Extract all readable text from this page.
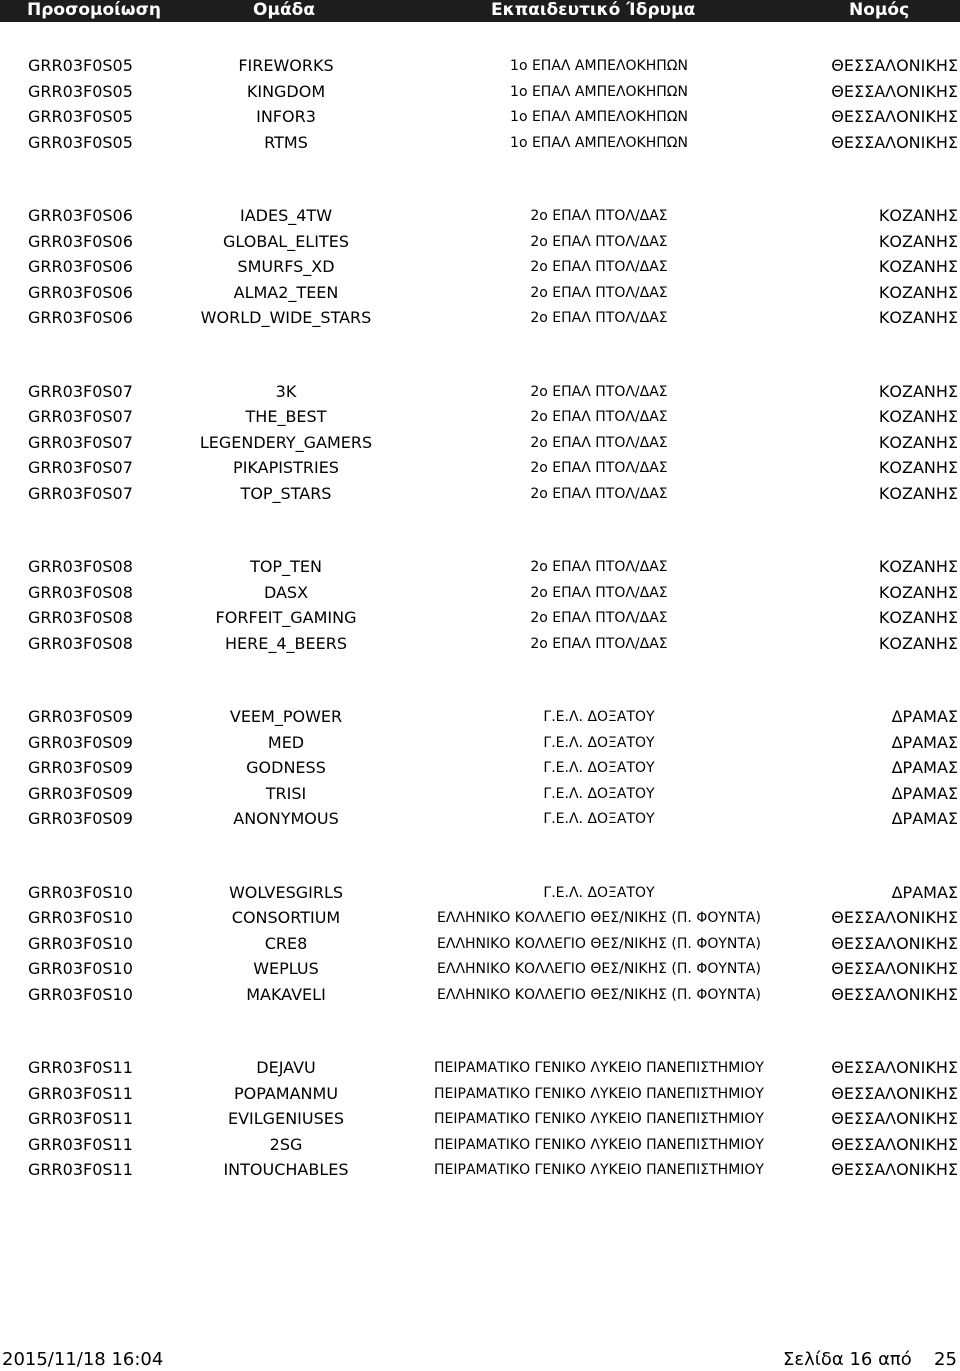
Προσομοίωση	Ομάδα	Εκπαιδευτικό Ίδρυμα	Νομός
GRR03F0S05	FIREWORKS	1ο ΕΠΑΛ ΑΜΠΕΛΟΚΗΠΩΝ	ΘΕΣΣΑΛΟΝΙΚΗΣ
GRR03F0S05	KINGDOM	1ο ΕΠΑΛ ΑΜΠΕΛΟΚΗΠΩΝ	ΘΕΣΣΑΛΟΝΙΚΗΣ
GRR03F0S05	INFOR3	1ο ΕΠΑΛ ΑΜΠΕΛΟΚΗΠΩΝ	ΘΕΣΣΑΛΟΝΙΚΗΣ
GRR03F0S05	RTMS	1ο ΕΠΑΛ ΑΜΠΕΛΟΚΗΠΩΝ	ΘΕΣΣΑΛΟΝΙΚΗΣ
GRR03F0S06	IADES_4TW	2ο ΕΠΑΛ ΠΤΟΛ/ΔΑΣ	ΚΟΖΑΝΗΣ
GRR03F0S06	GLOBAL_ELITES	2ο ΕΠΑΛ ΠΤΟΛ/ΔΑΣ	ΚΟΖΑΝΗΣ
GRR03F0S06	SMURFS_XD	2ο ΕΠΑΛ ΠΤΟΛ/ΔΑΣ	ΚΟΖΑΝΗΣ
GRR03F0S06	ALMA2_TEEN	2ο ΕΠΑΛ ΠΤΟΛ/ΔΑΣ	ΚΟΖΑΝΗΣ
GRR03F0S06	WORLD_WIDE_STARS	2ο ΕΠΑΛ ΠΤΟΛ/ΔΑΣ	ΚΟΖΑΝΗΣ
GRR03F0S07	3K	2ο ΕΠΑΛ ΠΤΟΛ/ΔΑΣ	ΚΟΖΑΝΗΣ
GRR03F0S07	THE_BEST	2ο ΕΠΑΛ ΠΤΟΛ/ΔΑΣ	ΚΟΖΑΝΗΣ
GRR03F0S07	LEGENDERY_GAMERS	2ο ΕΠΑΛ ΠΤΟΛ/ΔΑΣ	ΚΟΖΑΝΗΣ
GRR03F0S07	PIKAPISTRIES	2ο ΕΠΑΛ ΠΤΟΛ/ΔΑΣ	ΚΟΖΑΝΗΣ
GRR03F0S07	TOP_STARS	2ο ΕΠΑΛ ΠΤΟΛ/ΔΑΣ	ΚΟΖΑΝΗΣ
GRR03F0S08	TOP_TEN	2ο ΕΠΑΛ ΠΤΟΛ/ΔΑΣ	ΚΟΖΑΝΗΣ
GRR03F0S08	DASX	2ο ΕΠΑΛ ΠΤΟΛ/ΔΑΣ	ΚΟΖΑΝΗΣ
GRR03F0S08	FORFEIT_GAMING	2ο ΕΠΑΛ ΠΤΟΛ/ΔΑΣ	ΚΟΖΑΝΗΣ
GRR03F0S08	HERE_4_BEERS	2ο ΕΠΑΛ ΠΤΟΛ/ΔΑΣ	ΚΟΖΑΝΗΣ
GRR03F0S09	VEEM_POWER	Γ.Ε.Λ. ΔΟΞΑΤΟΥ	ΔΡΑΜΑΣ
GRR03F0S09	MED	Γ.Ε.Λ. ΔΟΞΑΤΟΥ	ΔΡΑΜΑΣ
GRR03F0S09	GODNESS	Γ.Ε.Λ. ΔΟΞΑΤΟΥ	ΔΡΑΜΑΣ
GRR03F0S09	TRISI	Γ.Ε.Λ. ΔΟΞΑΤΟΥ	ΔΡΑΜΑΣ
GRR03F0S09	ANONYMOUS	Γ.Ε.Λ. ΔΟΞΑΤΟΥ	ΔΡΑΜΑΣ
GRR03F0S10	WOLVESGIRLS	Γ.Ε.Λ. ΔΟΞΑΤΟΥ	ΔΡΑΜΑΣ
GRR03F0S10	CONSORTIUM	ΕΛΛΗΝΙΚΟ ΚΟΛΛΕΓΙΟ ΘΕΣ/ΝΙΚΗΣ (Π. ΦΟΥΝΤΑ)	ΘΕΣΣΑΛΟΝΙΚΗΣ
GRR03F0S10	CRE8	ΕΛΛΗΝΙΚΟ ΚΟΛΛΕΓΙΟ ΘΕΣ/ΝΙΚΗΣ (Π. ΦΟΥΝΤΑ)	ΘΕΣΣΑΛΟΝΙΚΗΣ
GRR03F0S10	WEPLUS	ΕΛΛΗΝΙΚΟ ΚΟΛΛΕΓΙΟ ΘΕΣ/ΝΙΚΗΣ (Π. ΦΟΥΝΤΑ)	ΘΕΣΣΑΛΟΝΙΚΗΣ
GRR03F0S10	MAKAVELI	ΕΛΛΗΝΙΚΟ ΚΟΛΛΕΓΙΟ ΘΕΣ/ΝΙΚΗΣ (Π. ΦΟΥΝΤΑ)	ΘΕΣΣΑΛΟΝΙΚΗΣ
GRR03F0S11	DEJAVU	ΠΕΙΡΑΜΑΤΙΚΟ ΓΕΝΙΚΟ ΛΥΚΕΙΟ ΠΑΝΕΠΙΣΤΗΜΙΟΥ	ΘΕΣΣΑΛΟΝΙΚΗΣ
GRR03F0S11	POPAMANMU	ΠΕΙΡΑΜΑΤΙΚΟ ΓΕΝΙΚΟ ΛΥΚΕΙΟ ΠΑΝΕΠΙΣΤΗΜΙΟΥ	ΘΕΣΣΑΛΟΝΙΚΗΣ
GRR03F0S11	EVILGENIUSES	ΠΕΙΡΑΜΑΤΙΚΟ ΓΕΝΙΚΟ ΛΥΚΕΙΟ ΠΑΝΕΠΙΣΤΗΜΙΟΥ	ΘΕΣΣΑΛΟΝΙΚΗΣ
GRR03F0S11	2SG	ΠΕΙΡΑΜΑΤΙΚΟ ΓΕΝΙΚΟ ΛΥΚΕΙΟ ΠΑΝΕΠΙΣΤΗΜΙΟΥ	ΘΕΣΣΑΛΟΝΙΚΗΣ
GRR03F0S11	INTOUCHABLES	ΠΕΙΡΑΜΑΤΙΚΟ ΓΕΝΙΚΟ ΛΥΚΕΙΟ ΠΑΝΕΠΙΣΤΗΜΙΟΥ	ΘΕΣΣΑΛΟΝΙΚΗΣ
2015/11/18 16:04	Σελίδα 16 από 25
